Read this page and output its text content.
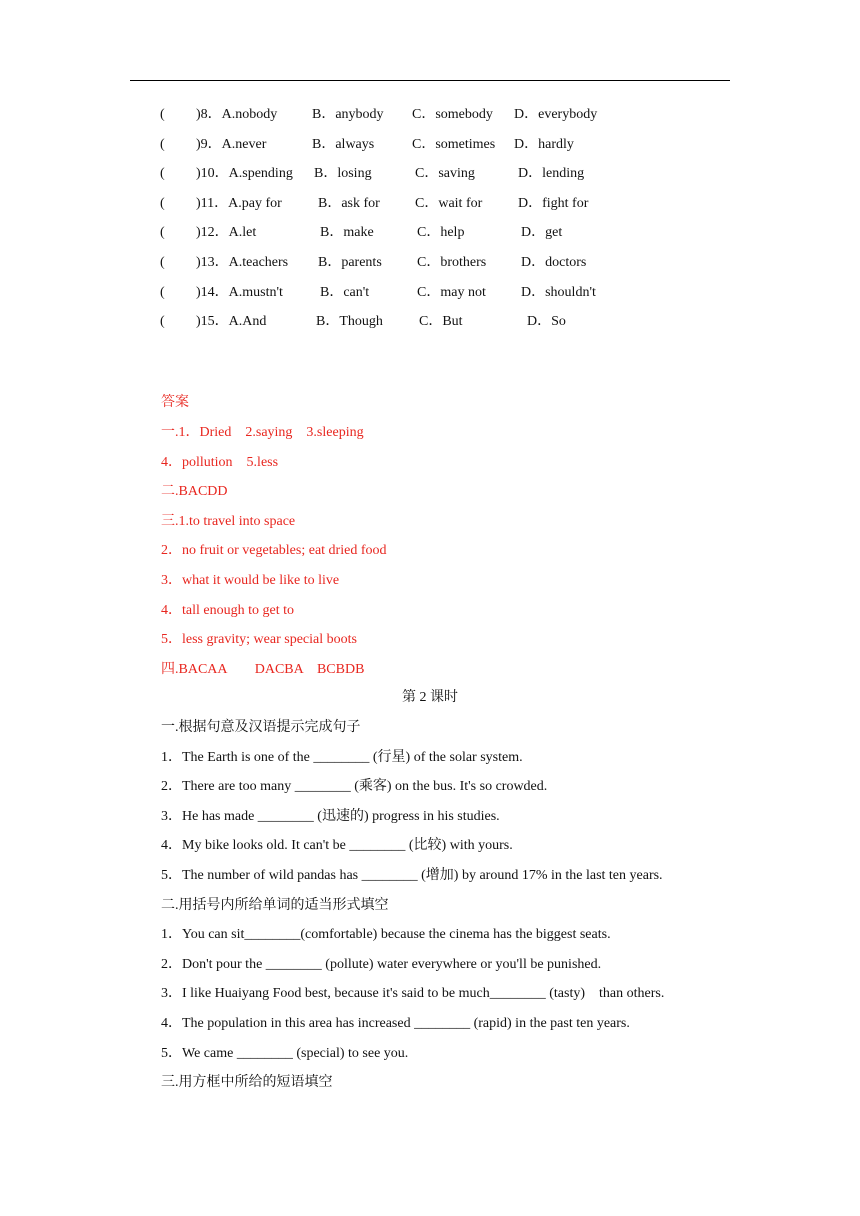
( )8．A.nobody B．anybody C．somebody D．everybody
( )9．A.never	B．always	C．sometimes D．hardly
( )10．A.spending B．losing	C．saving	D．lending
( )11．A.pay for	B．ask for	C．wait for	D．fight for
( )12．A.let	B．make	C．help	D．get
( )13．A.teachers B．parents	C．brothers D．doctors
( )14．A.mustn't	B．can't	C．may not	D．shouldn't
( )15．A.And	B．Though	C．But	D．So
答案
一.1．Dried    2.saying    3.sleeping
4．pollution    5.less
二.BACDD
三.1.to travel into space
2．no fruit or vegetables; eat dried food
3．what it would be like to live
4．tall enough to get to
5．less gravity; wear special boots
四.BACAA        DACBA    BCBDB
第 2 课时
一.根据句意及汉语提示完成句子
1．The Earth is one of the ________ (行星) of the solar system.
2．There are too many ________ (乘客) on the bus. It's so crowded.
3．He has made ________ (迅速的) progress in his studies.
4．My bike looks old. It can't be ________ (比较) with yours.
5．The number of wild pandas has ________ (增加) by around 17% in the last ten years.
二.用括号内所给单词的适当形式填空
1．You can sit________(comfortable) because the cinema has the biggest seats.
2．Don't pour the ________ (pollute) water everywhere or you'll be punished.
3．I like Huaiyang Food best, because it's said to be much________ (tasty)    than others.
4．The population in this area has increased ________ (rapid) in the past ten years.
5．We came ________ (special) to see you.
三.用方框中所给的短语填空
